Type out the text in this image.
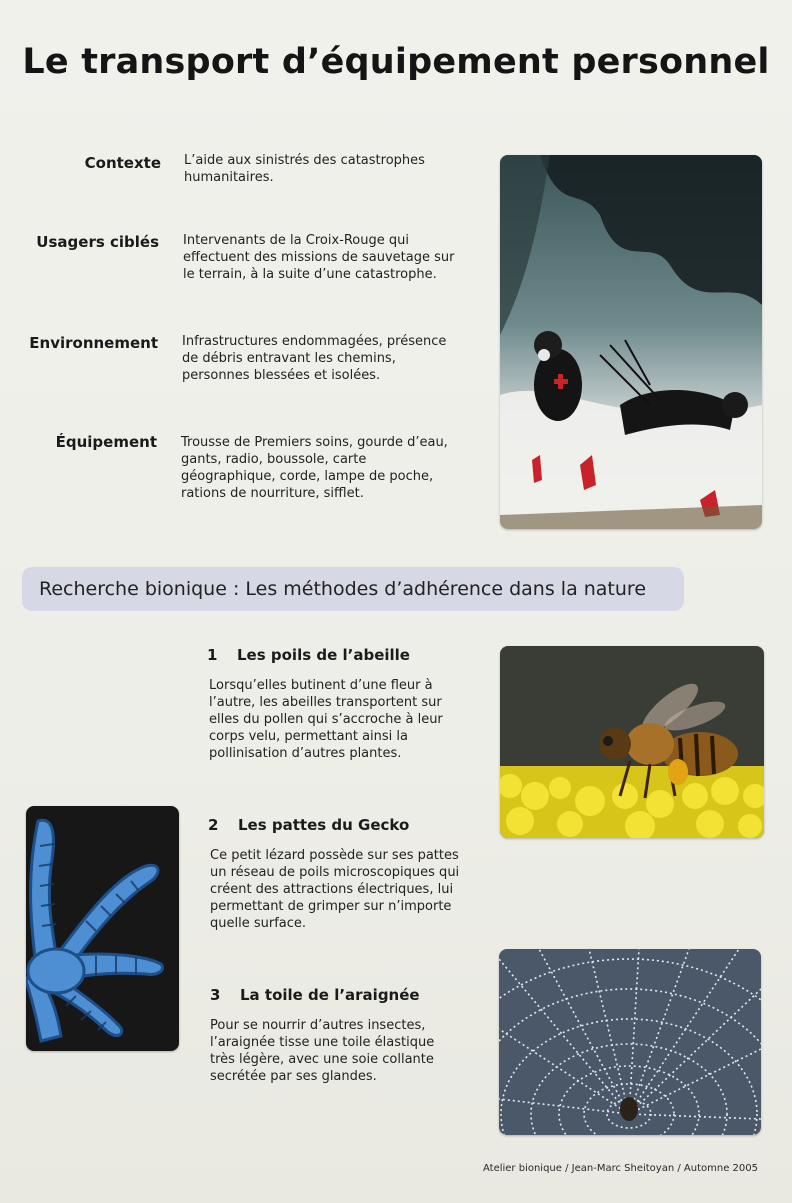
Le transport d’équipement personnel
Contexte L’aide aux sinistrés des catastrophes
humanitaires.
Usagers ciblés Intervenants de la Croix-Rouge qui
effectuent des missions de sauvetage sur
le terrain, à la suite d’une catastrophe.
Environnement Infrastructures endommagées, présence
de débris entravant les chemins,
personnes blessées et isolées.
Équipement Trousse de Premiers soins, gourde d’eau,
gants, radio, boussole, carte
géographique, corde, lampe de poche,
rations de nourriture, sifflet.
Recherche bionique : Les méthodes d’adhérence dans la nature
1 Les poils de l’abeille
Lorsqu’elles butinent d’une fleur à
l’autre, les abeilles transportent sur
elles du pollen qui s’accroche à leur
corps velu, permettant ainsi la
pollinisation d’autres plantes.
2 Les pattes du Gecko
Ce petit lézard possède sur ses pattes
un réseau de poils microscopiques qui
créent des attractions électriques, lui
permettant de grimper sur n’importe
quelle surface.
3 La toile de l’araignée
Pour se nourrir d’autres insectes,
l’araignée tisse une toile élastique
très légère, avec une soie collante
secrétée par ses glandes.
Atelier bionique / Jean-Marc Sheitoyan / Automne 2005
